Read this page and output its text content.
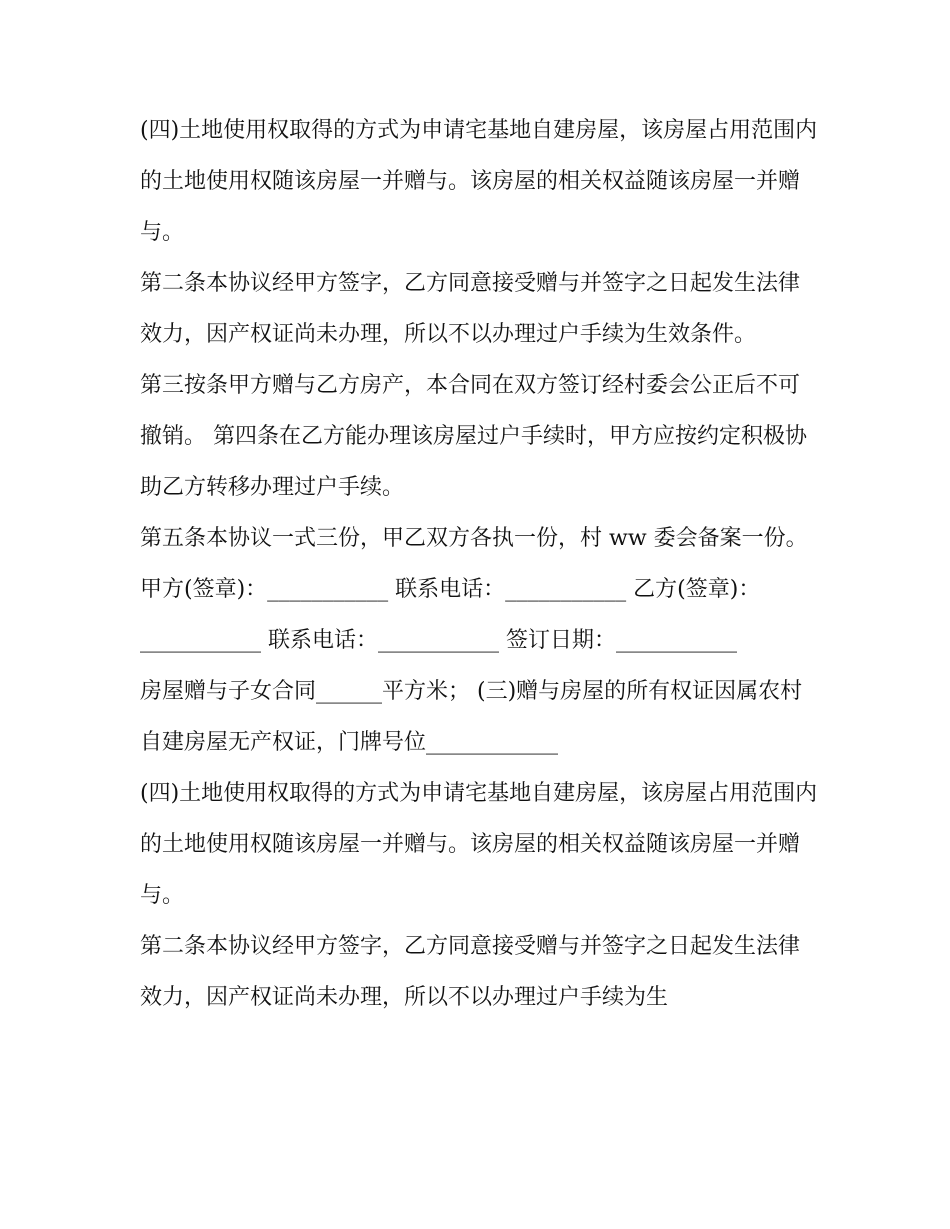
(四)土地使用权取得的方式为申请宅基地自建房屋，该房屋占用范围内的土地使用权随该房屋一并赠与。该房屋的相关权益随该房屋一并赠与。

第二条本协议经甲方签字，乙方同意接受赠与并签字之日起发生法律效力，因产权证尚未办理，所以不以办理过户手续为生效条件。

第三按条甲方赠与乙方房产，本合同在双方签订经村委会公正后不可撤销。 第四条在乙方能办理该房屋过户手续时，甲方应按约定积极协助乙方转移办理过户手续。

第五条本协议一式三份，甲乙双方各执一份，村 ww 委会备案一份。 甲方(签章)：___________ 联系电话：___________ 乙方(签章)：___________ 联系电话：___________ 签订日期：___________

房屋赠与子女合同______平方米； (三)赠与房屋的所有权证因属农村自建房屋无产权证，门牌号位____________

(四)土地使用权取得的方式为申请宅基地自建房屋，该房屋占用范围内的土地使用权随该房屋一并赠与。该房屋的相关权益随该房屋一并赠与。

第二条本协议经甲方签字，乙方同意接受赠与并签字之日起发生法律效力，因产权证尚未办理，所以不以办理过户手续为生
